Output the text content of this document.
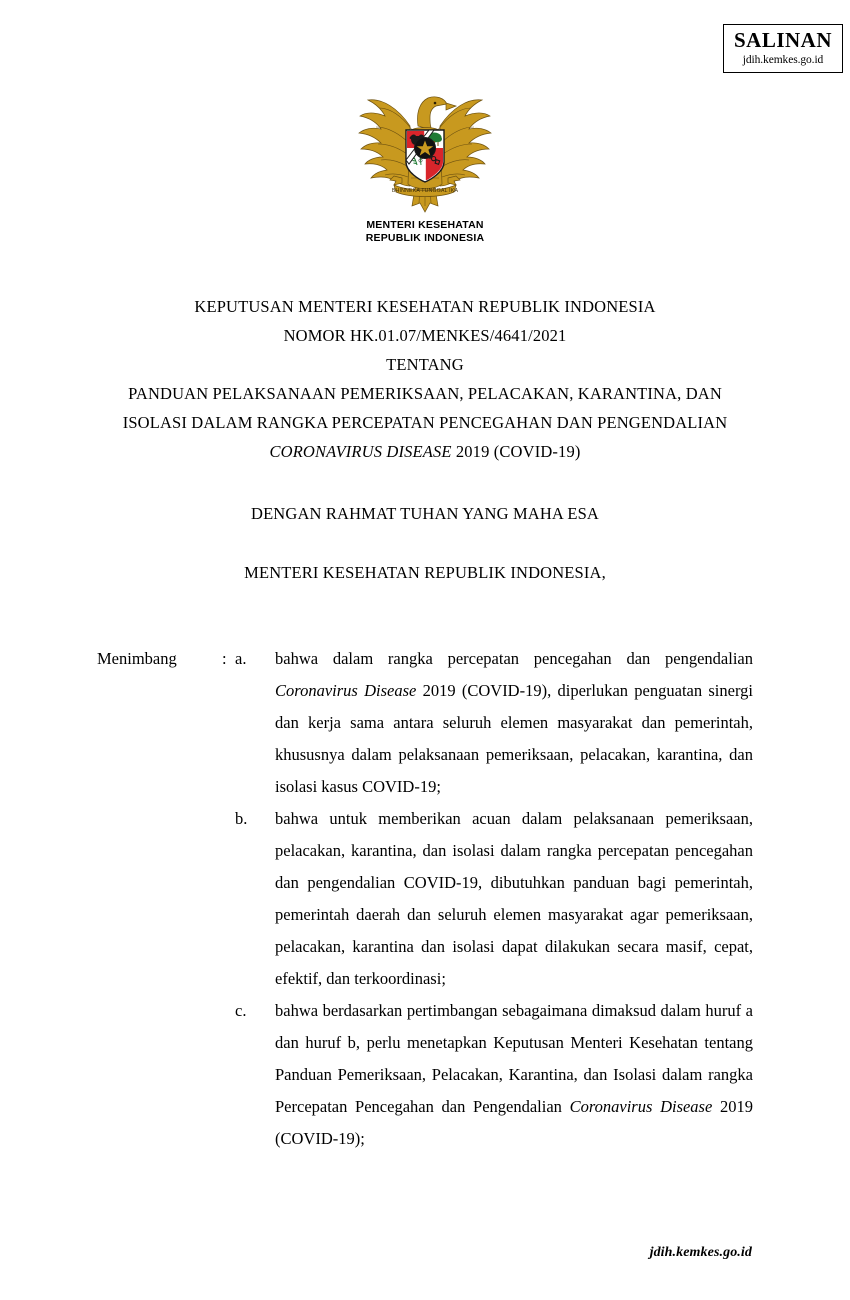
SALINAN
jdih.kemkes.go.id
BHINNEKA TUNGGAL IKA
MENTERI KESEHATAN
REPUBLIK INDONESIA
KEPUTUSAN MENTERI KESEHATAN REPUBLIK INDONESIA
NOMOR HK.01.07/MENKES/4641/2021
TENTANG
PANDUAN PELAKSANAAN PEMERIKSAAN, PELACAKAN, KARANTINA, DAN
ISOLASI DALAM RANGKA PERCEPATAN PENCEGAHAN DAN PENGENDALIAN
CORONAVIRUS DISEASE 2019 (COVID-19)
DENGAN RAHMAT TUHAN YANG MAHA ESA
MENTERI KESEHATAN REPUBLIK INDONESIA,
Menimbang	: a.	bahwa dalam rangka percepatan pencegahan dan pengendalian Coronavirus Disease 2019 (COVID-19), diperlukan penguatan sinergi dan kerja sama antara seluruh elemen masyarakat dan pemerintah, khususnya dalam pelaksanaan pemeriksaan, pelacakan, karantina, dan isolasi kasus COVID-19;
b.	bahwa untuk memberikan acuan dalam pelaksanaan pemeriksaan, pelacakan, karantina, dan isolasi dalam rangka percepatan pencegahan dan pengendalian COVID-19, dibutuhkan panduan bagi pemerintah, pemerintah daerah dan seluruh elemen masyarakat agar pemeriksaan, pelacakan, karantina dan isolasi dapat dilakukan secara masif, cepat, efektif, dan terkoordinasi;
c.	bahwa berdasarkan pertimbangan sebagaimana dimaksud dalam huruf a dan huruf b, perlu menetapkan Keputusan Menteri Kesehatan tentang Panduan Pemeriksaan, Pelacakan, Karantina, dan Isolasi dalam rangka Percepatan Pencegahan dan Pengendalian Coronavirus Disease 2019 (COVID-19);
jdih.kemkes.go.id
